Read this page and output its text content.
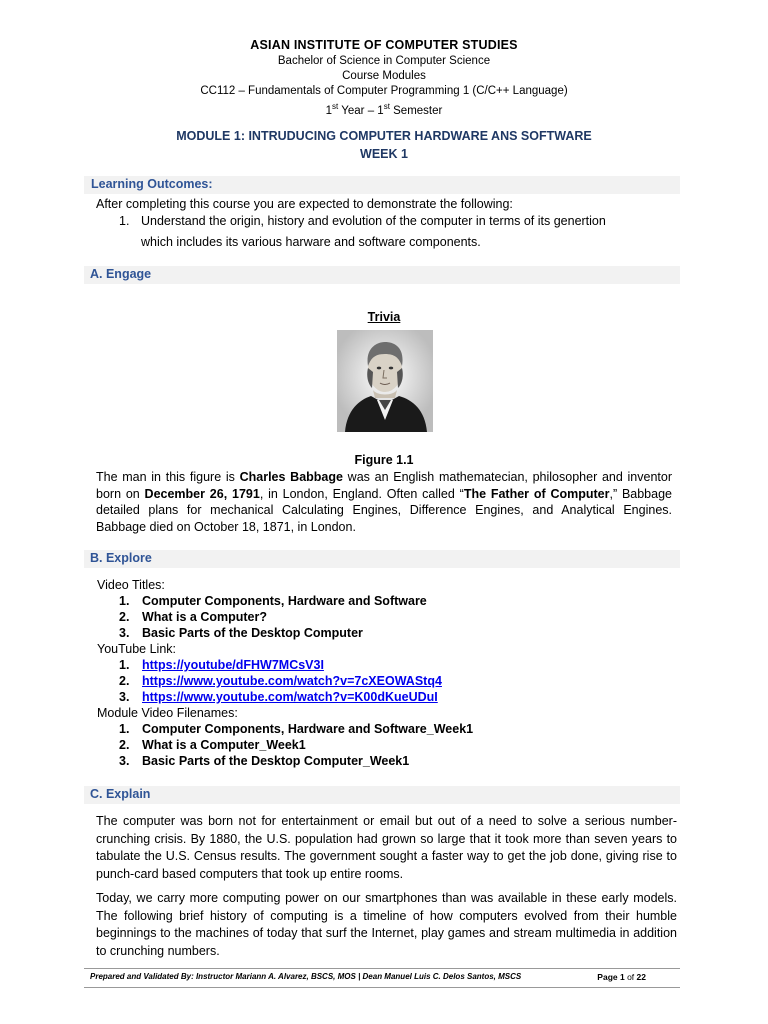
ASIAN INSTITUTE OF COMPUTER STUDIES
Bachelor of Science in Computer Science
Course Modules
CC112 – Fundamentals of Computer Programming 1 (C/C++ Language)
1st Year – 1st Semester
MODULE 1: INTRUDUCING COMPUTER HARDWARE ANS SOFTWARE
WEEK 1
Learning Outcomes:
After completing this course you are expected to demonstrate the following:
1. Understand the origin, history and evolution of the computer in terms of its genertion
which includes its various harware and software components.
A. Engage
Trivia
Figure 1.1
The man in this figure is Charles Babbage was an English mathematecian, philosopher and inventor born on December 26, 1791, in London, England. Often called “The Father of Computer,” Babbage detailed plans for mechanical Calculating Engines, Difference Engines, and Analytical Engines. Babbage died on October 18, 1871, in London.
B. Explore
Video Titles:
1. Computer Components, Hardware and Software
2. What is a Computer?
3. Basic Parts of the Desktop Computer
YouTube Link:
1. https://youtube/dFHW7MCsV3I
2. https://www.youtube.com/watch?v=7cXEOWAStq4
3. https://www.youtube.com/watch?v=K00dKueUDuI
Module Video Filenames:
1. Computer Components, Hardware and Software_Week1
2. What is a Computer_Week1
3. Basic Parts of the Desktop Computer_Week1
C. Explain
The computer was born not for entertainment or email but out of a need to solve a serious number-crunching crisis. By 1880, the U.S. population had grown so large that it took more than seven years to tabulate the U.S. Census results. The government sought a faster way to get the job done, giving rise to punch-card based computers that took up entire rooms.
Today, we carry more computing power on our smartphones than was available in these early models. The following brief history of computing is a timeline of how computers evolved from their humble beginnings to the machines of today that surf the Internet, play games and stream multimedia in addition to crunching numbers.
Prepared and Validated By: Instructor Mariann A. Alvarez, BSCS, MOS | Dean Manuel Luis C. Delos Santos, MSCS	Page 1 of 22
